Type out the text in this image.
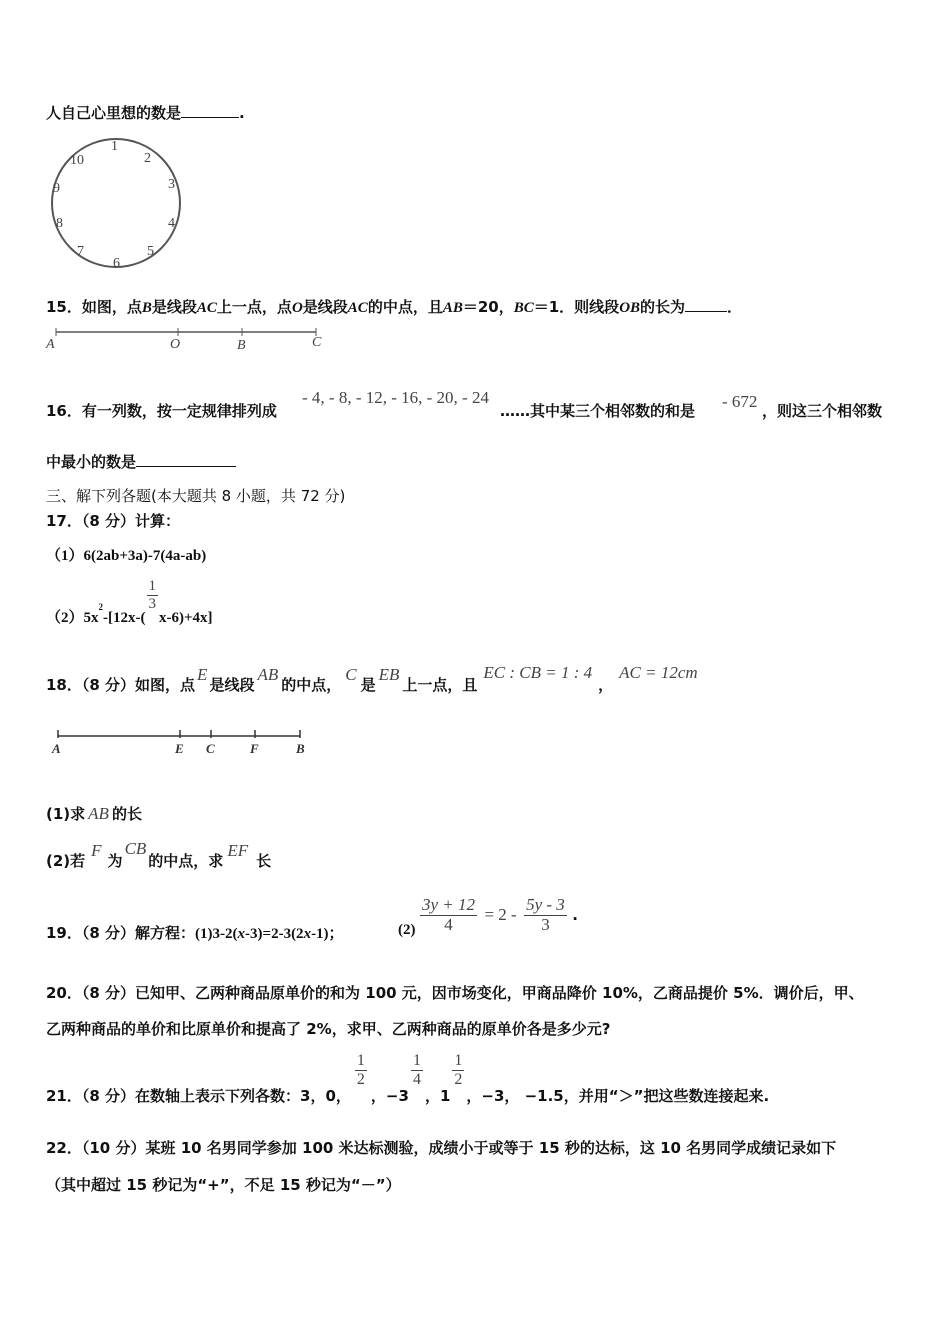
人自己心里想的数是	.
1
2
3
4
5
6
7
8
9
10
15．如图，点B是线段AC上一点，点O是线段AC的中点，且AB＝20，BC＝1．则线段OB的长为	．
A	O	B	C
16．有一列数，按一定规律排列成
- 4, - 8, - 12, - 16, - 20, - 24
……其中某三个相邻数的和是 - 672 ，则这三个相邻数
中最小的数是
三、解下列各题(本大题共 8 小题，共 72 分)
17．（8 分）计算：
（1）6(2ab+3a)-7(4a-ab)
$(2)5x^2-[12x-$(
$\frac{1}{3}$
x-6)+4x]
18．（8 分）如图，点E是线段AB的中点，C是EB上一点，且EC : CB = 1 : 4，AC = 12cm
A	E C	F	B
(1)求 AB 的长
(2)若F为CB的中点，求EF长
19．（8 分）解方程：(1)3-2(x-3)=2-3(2x-1)；	$(2) \frac{3y + 12}{4} = 2 - \frac{5y - 3}{3}$ .
20．（8 分）已知甲、乙两种商品原单价的和为 100 元，因市场变化，甲商品降价 10%，乙商品提价 5%．调价后，甲、
乙两种商品的单价和比原单价和提高了 2%，求甲、乙两种商品的原单价各是多少元?
21．（8 分）在数轴上表示下列各数：3，0，
$\frac{1}{2}$
，−3
$\frac{1}{4}$
，1
$\frac{1}{2}$
，−3， −1.5，并用“＞”把这些数连接起来.
22．（10 分）某班 10 名男同学参加 100 米达标测验，成绩小于或等于 15 秒的达标，这 10 名男同学成绩记录如下
（其中超过 15 秒记为“+”，不足 15 秒记为“－”）
